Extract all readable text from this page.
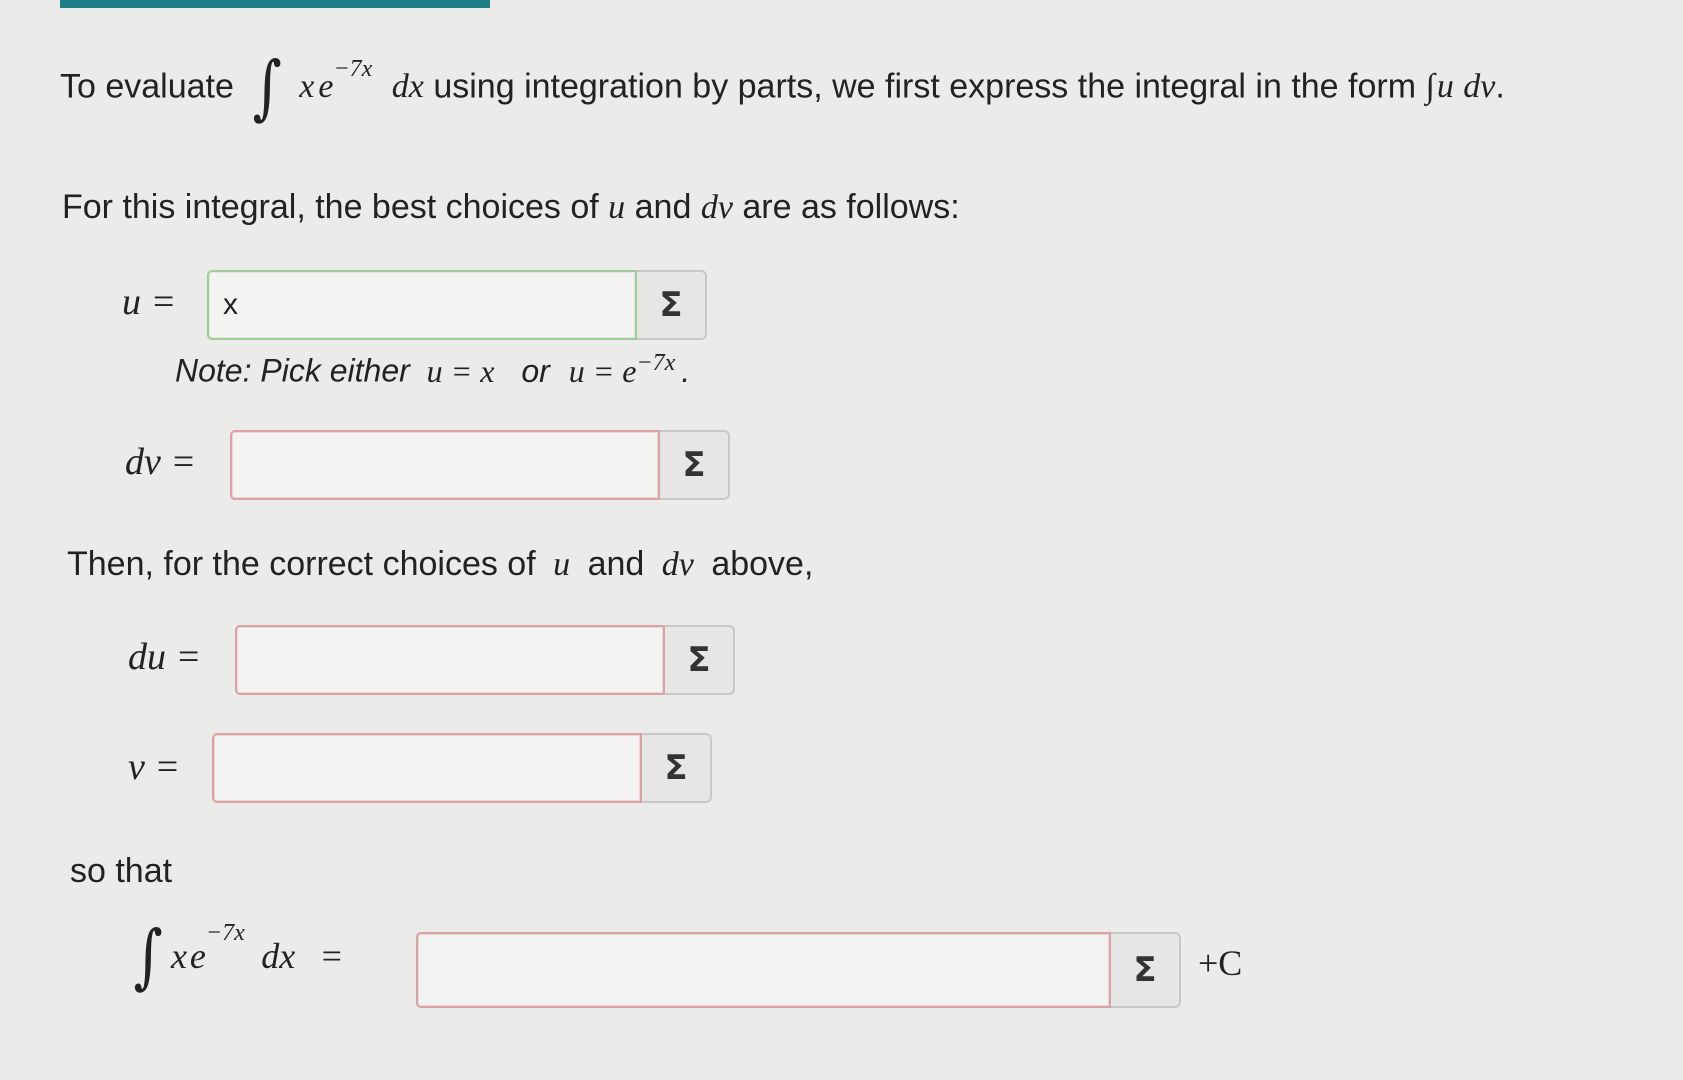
To evaluate ∫ x $e^{-7x}$ dx using integration by parts, we first express the integral in the form ∫u dv.
For this integral, the best choices of u and dv are as follows:
u =
x	Σ
Note: Pick either u = x or $u = e^{-7x}$ .
dv =	Σ
Then, for the correct choices of u and dv above,
du =	Σ
v =	Σ
so that
∫ $xe^{-7x}$ dx =	Σ	+C
